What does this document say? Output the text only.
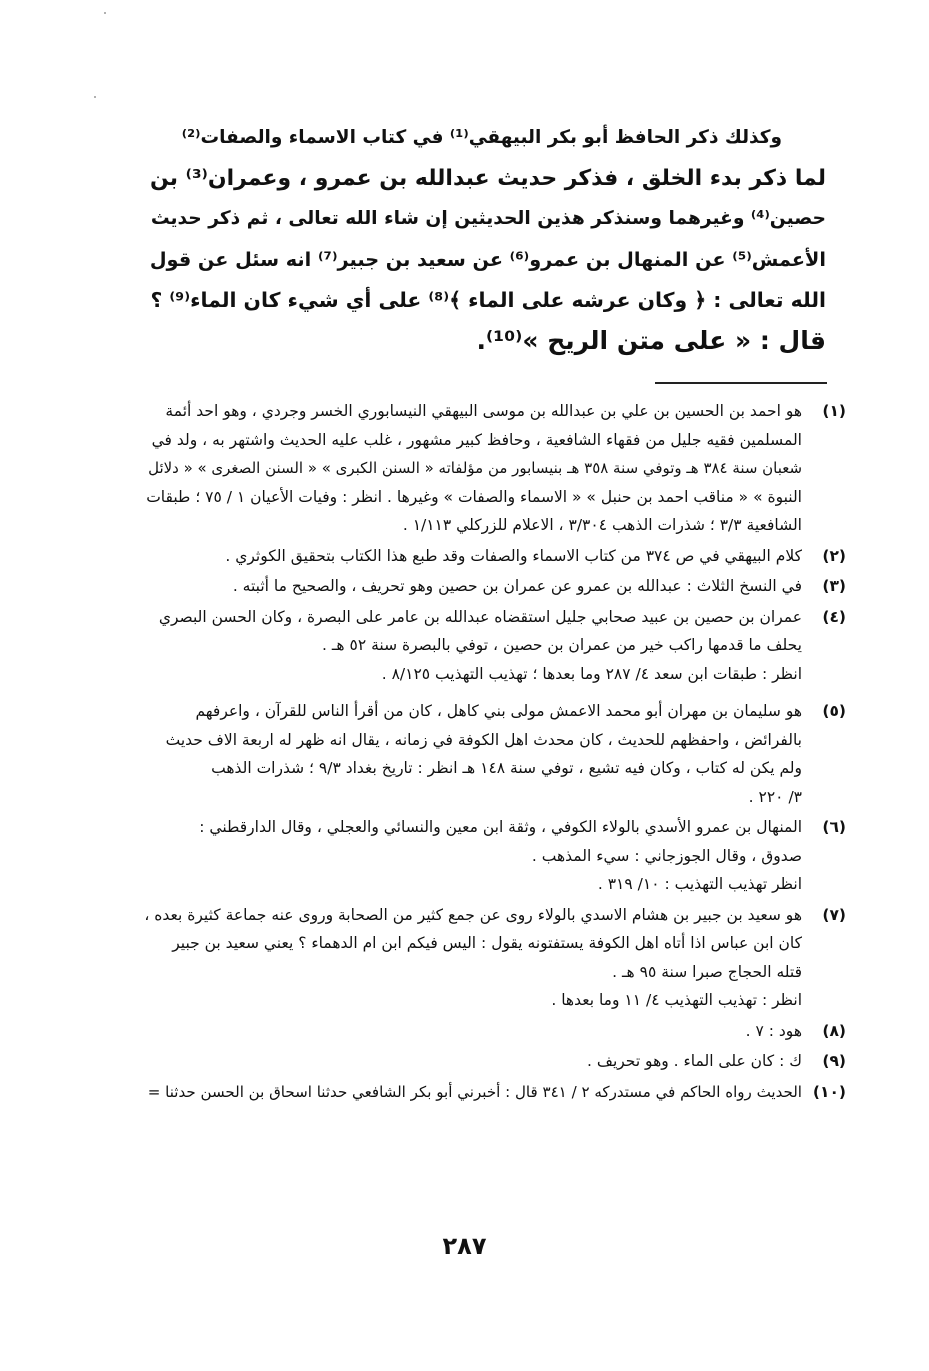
وكذلك ذكر الحافظ أبو بكر البيهقي⁽¹⁾ في كتاب الاسماء والصفات⁽²⁾
لما ذكر بدء الخلق ، فذكر حديث عبدالله بن عمرو ، وعمران⁽³⁾ بن
حصين⁽⁴⁾ وغيرهما وسنذكر هذين الحديثين إن شاء الله تعالى ، ثم ذكر حديث
الأعمش⁽⁵⁾ عن المنهال بن عمرو⁽⁶⁾ عن سعيد بن جبير⁽⁷⁾ انه سئل عن قول
الله تعالى : ﴿ وكان عرشه على الماء ﴾⁽⁸⁾ على أي شيء كان الماء⁽⁹⁾ ؟
قال : « على متن الريح »⁽¹⁰⁾.
(١)
هو احمد بن الحسين بن علي بن عبدالله بن موسى البيهقي النيسابوري الخسر وجردي ، وهو احد أئمة
المسلمين فقيه جليل من فقهاء الشافعية ، وحافظ كبير مشهور ، غلب عليه الحديث واشتهر به ، ولد في
شعبان سنة ٣٨٤ هـ وتوفي سنة ٣٥٨ هـ بنيسابور من مؤلفاته « السنن الكبرى » « السنن الصغرى » « دلائل
النبوة » « مناقب احمد بن حنبل » « الاسماء والصفات » وغيرها . انظر : وفيات الأعيان ١ / ٧٥ ؛ طبقات
الشافعية ٣/٣ ؛ شذرات الذهب ٣/٣٠٤ ، الاعلام للزركلي ١/١١٣ .
(٢)
كلام البيهقي في ص ٣٧٤ من كتاب الاسماء والصفات وقد طبع هذا الكتاب بتحقيق الكوثري .
(٣)
في النسخ الثلاث : عبدالله بن عمرو عن عمران بن حصين وهو تحريف ، والصحيح ما أثبته .
(٤)
عمران بن حصين بن عبيد صحابي جليل استقضاه عبدالله بن عامر على البصرة ، وكان الحسن البصري
يحلف ما قدمها راكب خير من عمران بن حصين ، توفي بالبصرة سنة ٥٢ هـ .
انظر : طبقات ابن سعد ٤/ ٢٨٧ وما بعدها ؛ تهذيب التهذيب ٨/١٢٥ .
(٥)
هو سليمان بن مهران أبو محمد الاعمش مولى بني كاهل ، كان من أقرأ الناس للقرآن ، واعرفهم
بالفرائض ، واحفظهم للحديث ، كان محدث اهل الكوفة في زمانه ، يقال انه ظهر له اربعة الاف حديث
ولم يكن له كتاب ، وكان فيه تشيع ، توفي سنة ١٤٨ هـ انظر : تاريخ بغداد ٩/٣ ؛ شذرات الذهب
٣/ ٢٢٠ .
(٦)
المنهال بن عمرو الأسدي بالولاء الكوفي ، وثقة ابن معين والنسائي والعجلي ، وقال الدارقطني :
صدوق ، وقال الجوزجاني : سيء المذهب .
انظر تهذيب التهذيب : ١٠/ ٣١٩ .
(٧)
هو سعيد بن جبير بن هشام الاسدي بالولاء روى عن جمع كثير من الصحابة وروى عنه جماعة كثيرة بعده ،
كان ابن عباس اذا أتاه اهل الكوفة يستفتونه يقول : اليس فيكم ابن ام الدهماء ؟ يعني سعيد بن جبير
قتله الحجاج صبرا سنة ٩٥ هـ .
انظر : تهذيب التهذيب ٤/ ١١ وما بعدها .
(٨)
هود : ٧ .
(٩)
ك : كان على الماء . وهو تحريف .
(١٠)
الحديث رواه الحاكم في مستدركه ٢ / ٣٤١ قال : أخبرني أبو بكر الشافعي حدثنا اسحاق بن الحسن حدثنا =
٢٨٧
